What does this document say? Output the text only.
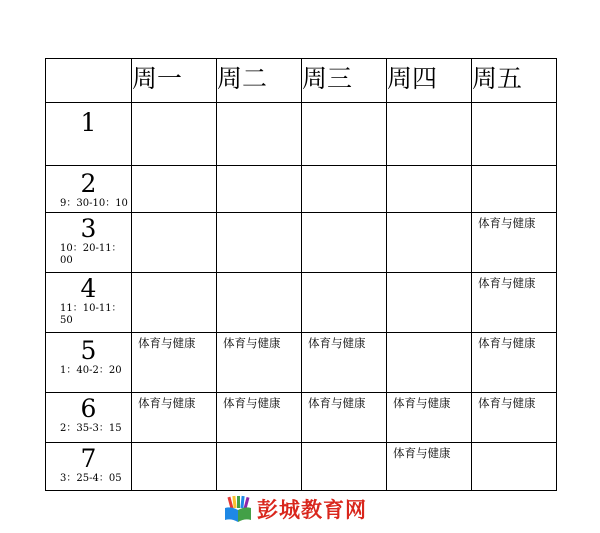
	周一	周二	周三	周四	周五

1					

2
9：30-10：10					

3
10：20-11：00					体育与健康

4
11：10-11：50					体育与健康

5
1：40-2：20	体育与健康	体育与健康	体育与健康		体育与健康

6
2：35-3：15	体育与健康	体育与健康	体育与健康	体育与健康	体育与健康

7
3：25-4：05				体育与健康	

彭城教育网
